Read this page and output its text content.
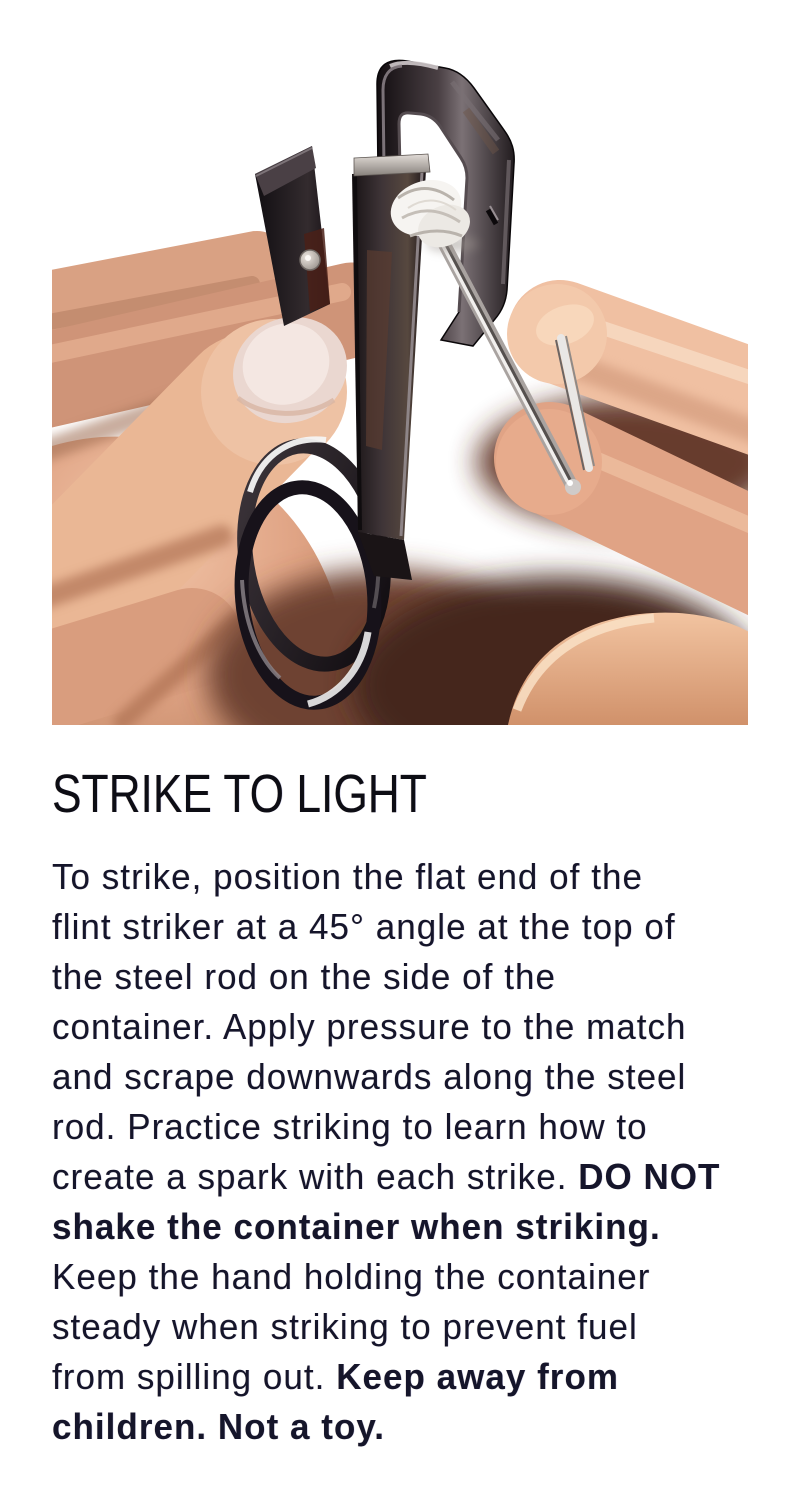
STRIKE TO LIGHT
To strike, position the flat end of the
flint striker at a 45° angle at the top of
the steel rod on the side of the
container. Apply pressure to the match
and scrape downwards along the steel
rod. Practice striking to learn how to
create a spark with each strike. DO NOT
shake the container when striking.
Keep the hand holding the container
steady when striking to prevent fuel
from spilling out. Keep away from
children. Not a toy.
